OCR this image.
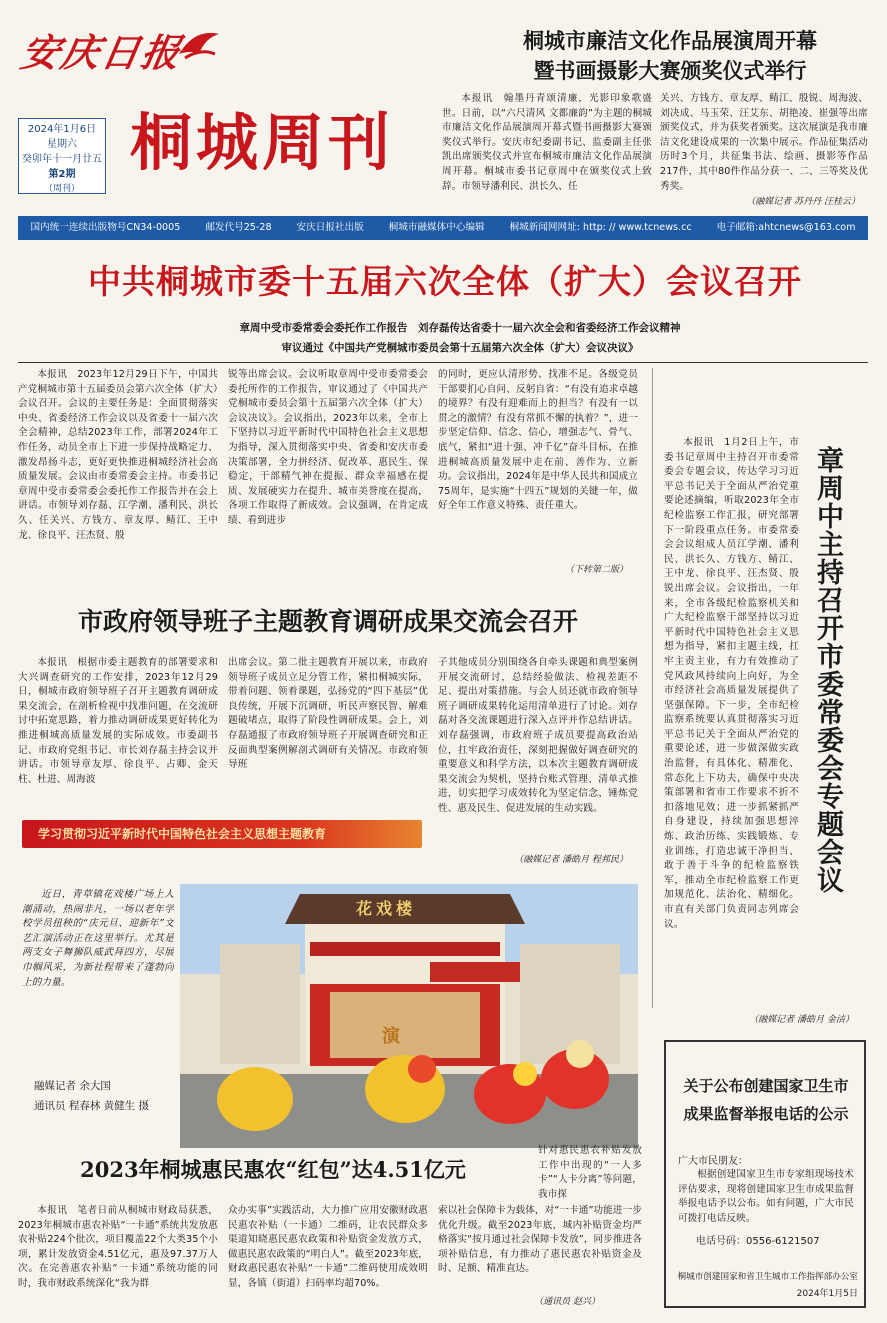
安庆日报
2024年1月6日
星期六
癸卯年十一月廿五
第2期
（周刊）
桐城周刊
桐城市廉洁文化作品展演周开幕
暨书画摄影大赛颁奖仪式举行
本报讯　翰墨丹青颂清廉，光影印象歌盛世。日前，以“六尺清风 文都廉韵”为主题的桐城市廉洁文化作品展演周开幕式暨书画摄影大赛颁奖仪式举行。安庆市纪委副书记、监委副主任张凯出席颁奖仪式并宣布桐城市廉洁文化作品展演周开幕。桐城市委书记章周中在颁奖仪式上致辞。市领导潘利民、洪长久、任
关兴、方钱方、章友厚、鲭江、殷锐、周海波、刘决成、马玉荣、汪艾东、胡艳凌、崔强等出席颁奖仪式，并为获奖者颁奖。这次展演是我市廉洁文化建设成果的一次集中展示。作品征集活动历时3个月，共征集书法、绘画、摄影等作品217件，其中80件作品分获一、二、三等奖及优秀奖。
（融媒记者 苏丹丹 汪桂云）
国内统一连续出版物号CN34-0005	邮发代号25-28	安庆日报社出版	桐城市融媒体中心编辑	桐城新闻网网址: http: // www.tcnews.cc	电子邮箱:ahtcnews@163.com
中共桐城市委十五届六次全体（扩大）会议召开
章周中受市委常委会委托作工作报告　刘存磊传达省委十一届六次全会和省委经济工作会议精神
审议通过《中国共产党桐城市委员会第十五届第六次全体（扩大）会议决议》
本报讯　2023年12月29日下午，中国共产党桐城市第十五届委员会第六次全体（扩大）会议召开。会议的主要任务是：全面贯彻落实中央、省委经济工作会议以及省委十一届六次全会精神，总结2023年工作，部署2024年工作任务，动员全市上下进一步保持战略定力、激发昂扬斗志，更好更快推进桐城经济社会高质量发展。会议由市委常委会主持。市委书记章周中受市委常委会委托作工作报告并在会上讲话。市领导刘存磊、江学潮、潘利民、洪长久、任关兴、方钱方、章友厚、鲭江、王中龙、徐良平、汪杰贤、殷
锐等出席会议。会议听取章周中受市委常委会委托所作的工作报告，审议通过了《中国共产党桐城市委员会第十五届第六次全体（扩大）会议决议》。会议指出，2023年以来，全市上下坚持以习近平新时代中国特色社会主义思想为指导，深入贯彻落实中央、省委和安庆市委决策部署，全力拼经济、促改革、惠民生、保稳定，干部精气神在提振、群众幸福感在提质、发展硬实力在提升、城市美誉度在提高，各项工作取得了新成效。会议强调，在肯定成绩、看到进步
的同时，更应认清形势、找准不足。各级党员干部要扪心自问、反躬自省：“有没有追求卓越的境界？有没有迎难而上的担当？有没有一以贯之的激情？有没有常抓不懈的执着？”，进一步坚定信仰、信念、信心，增强志气、骨气、底气，紧扣“进十强、冲千亿”奋斗目标，在推进桐城高质量发展中走在前、善作为、立新功。会议指出，2024年是中华人民共和国成立75周年，是实施“十四五”规划的关键一年，做好全年工作意义特殊、责任重大。
（下转第二版）
本报讯　1月2日上午，市委书记章周中主持召开市委常委会专题会议，传达学习习近平总书记关于全面从严治党重要论述摘编，听取2023年全市纪检监察工作汇报，研究部署下一阶段重点任务。市委常委会会议组成人员江学潮、潘利民、洪长久、方钱方、鲭江、王中龙、徐良平、汪杰贤、殷锐出席会议。会议指出，一年来，全市各级纪检监察机关和广大纪检监察干部坚持以习近平新时代中国特色社会主义思想为指导，紧扣主题主线，扛牢主责主业，有力有效推动了党风政风持续向上向好，为全市经济社会高质量发展提供了坚强保障。下一步，全市纪检监察系统要认真贯彻落实习近平总书记关于全面从严治党的重要论述，进一步做深做实政治监督，有具体化、精准化、常态化上下功夫，确保中央决策部署和省市工作要求不折不扣落地见效；进一步抓紧抓严自身建设，持续加强思想淬炼、政治历练、实践锻炼、专业训练，打造忠诚干净担当、敢于善于斗争的纪检监察铁军，推动全市纪检监察工作更加规范化、法治化、精细化。市直有关部门负责同志列席会议。
章周中主持召开市委常委会专题会议
（融媒记者 潘皓月 金洁）
市政府领导班子主题教育调研成果交流会召开
本报讯　根据市委主题教育的部署要求和大兴调查研究的工作安排，2023年12月29日，桐城市政府领导班子召开主题教育调研成果交流会，在剖析检视中找准问题，在交流研讨中拓宽思路，着力推动调研成果更好转化为推进桐城高质量发展的实际成效。市委副书记、市政府党组书记、市长刘存磊主持会议并讲话。市领导章友厚、徐良平、占卿、金天柱、杜进、周海波
出席会议。第二批主题教育开展以来，市政府领导班子成员立足分管工作，紧扣桐城实际，带着问题、领着课题，弘扬党的“四下基层”优良传统，开展下沉调研，听民声察民智、解难题破堵点，取得了阶段性调研成果。会上，刘存磊通报了市政府领导班子开展调查研究和正反面典型案例解剖式调研有关情况。市政府领导班
子其他成员分别围绕各自牵头课题和典型案例开展交流研讨，总结经验做法、检视差距不足、提出对策措施。与会人员还就市政府领导班子调研成果转化运用清单进行了讨论。刘存磊对各交流课题进行深入点评并作总结讲话。刘存磊强调，市政府班子成员要提高政治站位，扛牢政治责任，深刻把握做好调查研究的重要意义和科学方法，以本次主题教育调研成果交流会为契机，坚持台账式管理、清单式推进，切实把学习成效转化为坚定信念、锤炼党性、惠及民生、促进发展的生动实践。
（融媒记者 潘皓月 程邦民）
学习贯彻习近平新时代中国特色社会主义思想主题教育
花戏楼
演

近日，青草镇花戏楼广场上人潮涌动，热闹非凡，一场以老年学校学员扭秧的“庆元旦、迎新年”文艺汇演活动正在这里举行。尤其是两支女子舞狮队威武拜四方，尽展巾帼风采，为新社程带来了蓬勃向上的力量。

融媒记者 余大国
通讯员 程春林 黄健生 摄
2023年桐城惠民惠农“红包”达4.51亿元
针对惠民惠农补贴发放工作中出现的“一人多卡”“人卡分离”等问题，我市探
本报讯　笔者日前从桐城市财政局获悉，2023年桐城市惠农补贴“一卡通”系统共发放惠农补贴224个批次，项目覆盖22个大类35个小项，累计发放资金4.51亿元，惠及97.37万人次。在完善惠农补贴“一卡通”系统功能的同时，我市财政系统深化“我为群
众办实事”实践活动，大力推广应用安徽财政惠民惠农补贴（一卡通）二维码，让农民群众多渠道知晓惠民惠农政策和补贴资金发放方式，做惠民惠农政策的“明白人”。截至2023年底，财政惠民惠农补贴“一卡通”二维码使用成效明显，各镇（街道）扫码率均超70%。
索以社会保障卡为载体，对“一卡通”功能进一步优化升级。截至2023年底，城内补贴资金均严格落实“按月通过社会保障卡发放”，同步推进各项补贴信息，有力推动了惠民惠农补贴资金及时、足额、精准直达。
（通讯员 赵兴）
关于公布创建国家卫生市
成果监督举报电话的公示
广大市民朋友：

根据创建国家卫生市专家组现场技术评估要求，现将创建国家卫生市成果监督举报电话予以公布。如有问题，广大市民可拨打电话反映。

电话号码：0556-6121507
桐城市创建国家和省卫生城市工作指挥部办公室
2024年1月5日
